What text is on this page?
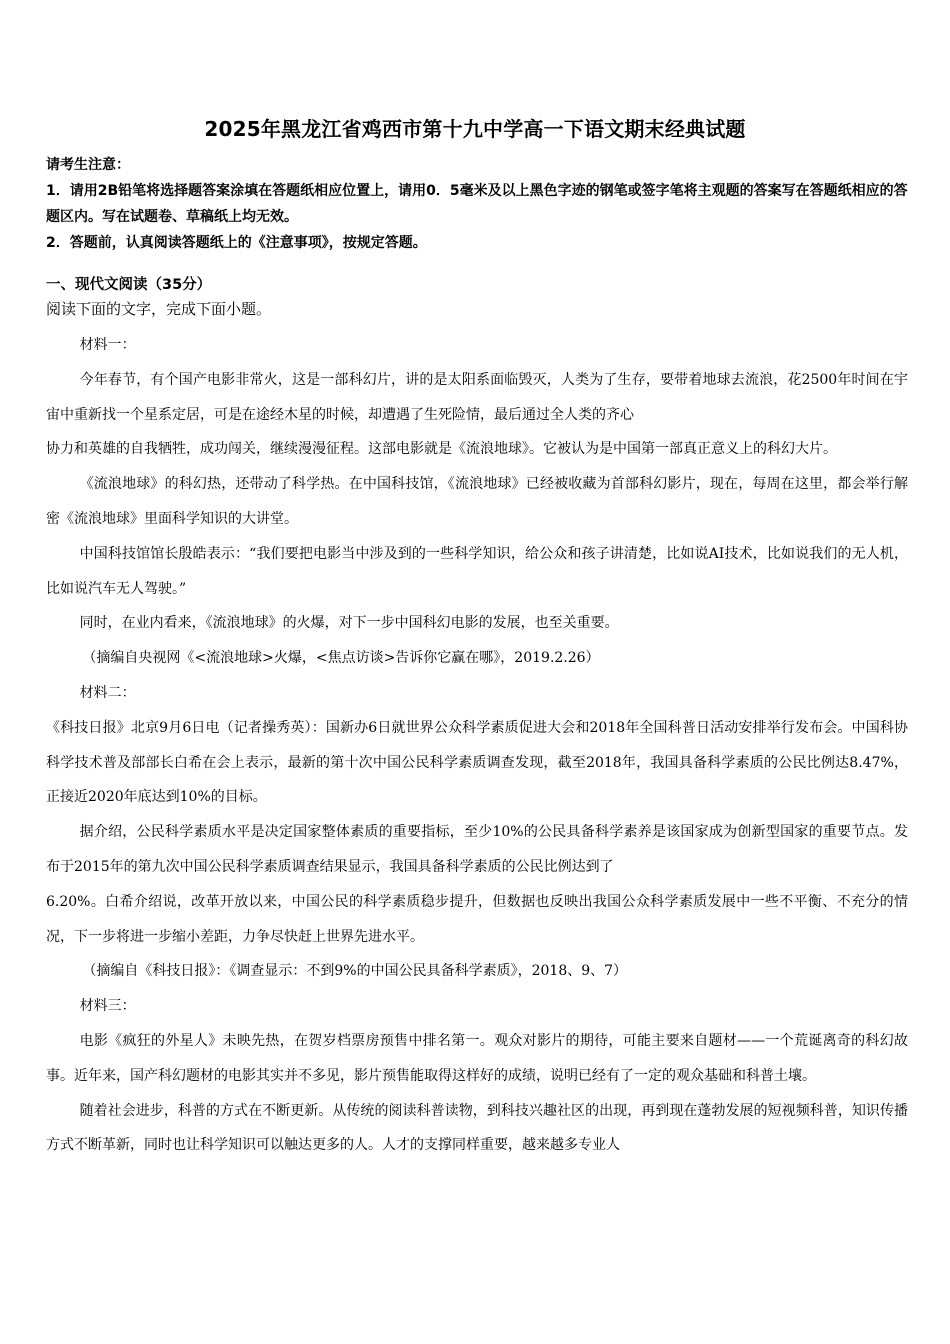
2025年黑龙江省鸡西市第十九中学高一下语文期末经典试题

请考生注意：

1．请用2B铅笔将选择题答案涂填在答题纸相应位置上，请用0．5毫米及以上黑色字迹的钢笔或签字笔将主观题的答案写在答题纸相应的答题区内。写在试题卷、草稿纸上均无效。

2．答题前，认真阅读答题纸上的《注意事项》，按规定答题。

一、现代文阅读（35分）
阅读下面的文字，完成下面小题。

材料一：

今年春节，有个国产电影非常火，这是一部科幻片，讲的是太阳系面临毁灭，人类为了生存，要带着地球去流浪，花2500年时间在宇宙中重新找一个星系定居，可是在途经木星的时候，却遭遇了生死险情，最后通过全人类的齐心

协力和英雄的自我牺牲，成功闯关，继续漫漫征程。这部电影就是《流浪地球》。它被认为是中国第一部真正意义上的科幻大片。

《流浪地球》的科幻热，还带动了科学热。在中国科技馆，《流浪地球》已经被收藏为首部科幻影片，现在，每周在这里，都会举行解密《流浪地球》里面科学知识的大讲堂。

中国科技馆馆长殷皓表示：“我们要把电影当中涉及到的一些科学知识，给公众和孩子讲清楚，比如说AI技术，比如说我们的无人机，比如说汽车无人驾驶。”

同时，在业内看来，《流浪地球》的火爆，对下一步中国科幻电影的发展，也至关重要。

（摘编自央视网《<流浪地球>火爆，<焦点访谈>告诉你它赢在哪》，2019.2.26）

材料二：

《科技日报》北京9月6日电（记者操秀英）：国新办6日就世界公众科学素质促进大会和2018年全国科普日活动安排举行发布会。中国科协科学技术普及部部长白希在会上表示，最新的第十次中国公民科学素质调查发现，截至2018年，我国具备科学素质的公民比例达8.47%，正接近2020年底达到10%的目标。

据介绍，公民科学素质水平是决定国家整体素质的重要指标，至少10%的公民具备科学素养是该国家成为创新型国家的重要节点。发布于2015年的第九次中国公民科学素质调查结果显示，我国具备科学素质的公民比例达到了

6.20%。白希介绍说，改革开放以来，中国公民的科学素质稳步提升，但数据也反映出我国公众科学素质发展中一些不平衡、不充分的情况，下一步将进一步缩小差距，力争尽快赶上世界先进水平。

（摘编自《科技日报》：《调查显示：不到9%的中国公民具备科学素质》，2018、9、7）

材料三：

电影《疯狂的外星人》未映先热，在贺岁档票房预售中排名第一。观众对影片的期待，可能主要来自题材——一个荒诞离奇的科幻故事。近年来，国产科幻题材的电影其实并不多见，影片预售能取得这样好的成绩，说明已经有了一定的观众基础和科普土壤。

随着社会进步，科普的方式在不断更新。从传统的阅读科普读物，到科技兴趣社区的出现，再到现在蓬勃发展的短视频科普，知识传播方式不断革新，同时也让科学知识可以触达更多的人。人才的支撑同样重要，越来越多专业人
